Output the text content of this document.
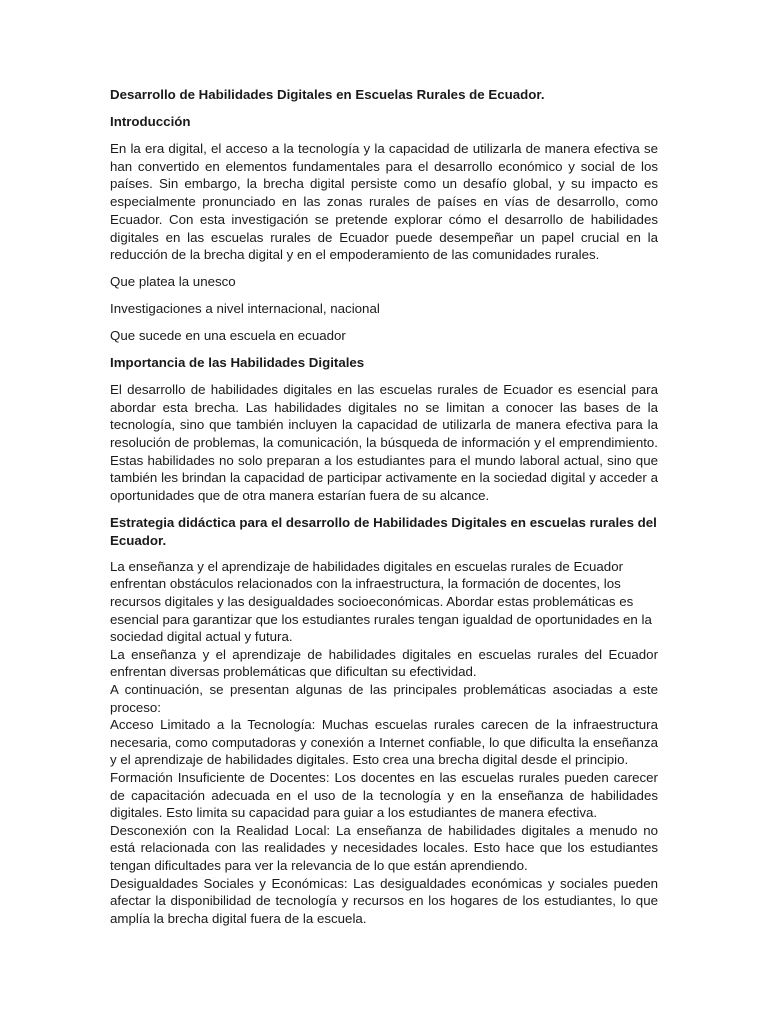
Desarrollo de Habilidades Digitales en Escuelas Rurales de Ecuador.

Introducción

En la era digital, el acceso a la tecnología y la capacidad de utilizarla de manera efectiva se han convertido en elementos fundamentales para el desarrollo económico y social de los países. Sin embargo, la brecha digital persiste como un desafío global, y su impacto es especialmente pronunciado en las zonas rurales de países en vías de desarrollo, como Ecuador. Con esta investigación se pretende explorar cómo el desarrollo de habilidades digitales en las escuelas rurales de Ecuador puede desempeñar un papel crucial en la reducción de la brecha digital y en el empoderamiento de las comunidades rurales.

Que platea la unesco

Investigaciones a nivel internacional, nacional

Que sucede en una escuela en ecuador

Importancia de las Habilidades Digitales

El desarrollo de habilidades digitales en las escuelas rurales de Ecuador es esencial para abordar esta brecha. Las habilidades digitales no se limitan a conocer las bases de la tecnología, sino que también incluyen la capacidad de utilizarla de manera efectiva para la resolución de problemas, la comunicación, la búsqueda de información y el emprendimiento. Estas habilidades no solo preparan a los estudiantes para el mundo laboral actual, sino que también les brindan la capacidad de participar activamente en la sociedad digital y acceder a oportunidades que de otra manera estarían fuera de su alcance.

Estrategia didáctica para el desarrollo de Habilidades Digitales en escuelas rurales del Ecuador.

La enseñanza y el aprendizaje de habilidades digitales en escuelas rurales de Ecuador enfrentan obstáculos relacionados con la infraestructura, la formación de docentes, los recursos digitales y las desigualdades socioeconómicas. Abordar estas problemáticas es esencial para garantizar que los estudiantes rurales tengan igualdad de oportunidades en la sociedad digital actual y futura.

La enseñanza y el aprendizaje de habilidades digitales en escuelas rurales del Ecuador enfrentan diversas problemáticas que dificultan su efectividad.

A continuación, se presentan algunas de las principales problemáticas asociadas a este proceso:

Acceso Limitado a la Tecnología: Muchas escuelas rurales carecen de la infraestructura necesaria, como computadoras y conexión a Internet confiable, lo que dificulta la enseñanza y el aprendizaje de habilidades digitales. Esto crea una brecha digital desde el principio.

Formación Insuficiente de Docentes: Los docentes en las escuelas rurales pueden carecer de capacitación adecuada en el uso de la tecnología y en la enseñanza de habilidades digitales. Esto limita su capacidad para guiar a los estudiantes de manera efectiva.

Desconexión con la Realidad Local: La enseñanza de habilidades digitales a menudo no está relacionada con las realidades y necesidades locales. Esto hace que los estudiantes tengan dificultades para ver la relevancia de lo que están aprendiendo.

Desigualdades Sociales y Económicas: Las desigualdades económicas y sociales pueden afectar la disponibilidad de tecnología y recursos en los hogares de los estudiantes, lo que amplía la brecha digital fuera de la escuela.
